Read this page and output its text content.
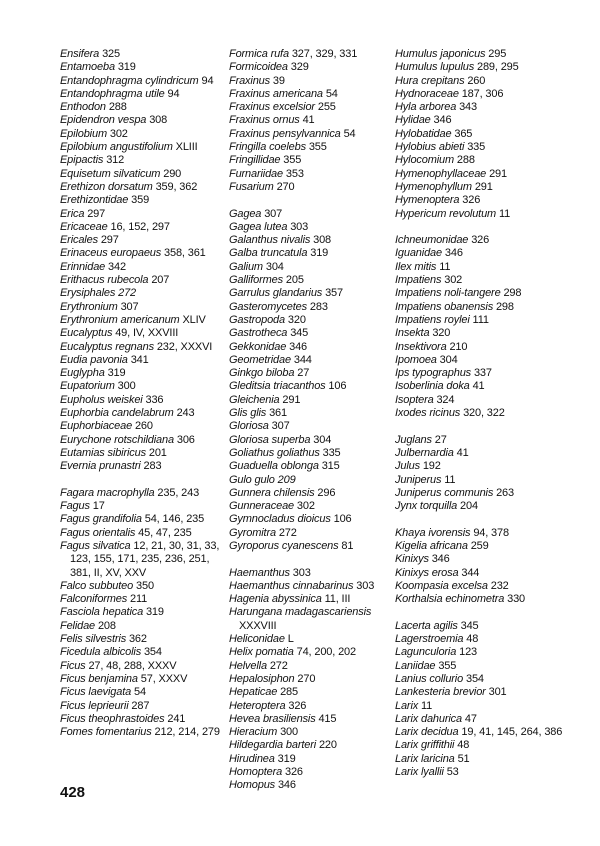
Ensifera 325
Entamoeba 319
Entandophragma cylindricum 94
Entandophragma utile 94
Enthodon 288
Epidendron vespa 308
Epilobium 302
Epilobium angustifolium XLIII
Epipactis 312
Equisetum silvaticum 290
Erethizon dorsatum 359, 362
Erethizontidae 359
Erica 297
Ericaceae 16, 152, 297
Ericales 297
Erinaceus europaeus 358, 361
Erinnidae 342
Erithacus rubecola 207
Erysiphales 272
Erythronium 307
Erythronium americanum XLIV
Eucalyptus 49, IV, XXVIII
Eucalyptus regnans 232, XXXVI
Eudia pavonia 341
Euglypha 319
Eupatorium 300
Eupholus weiskei 336
Euphorbia candelabrum 243
Euphorbiaceae 260
Eurychone rotschildiana 306
Eutamias sibiricus 201
Evernia prunastri 283
Fagara macrophylla 235, 243
Fagus 17
Fagus grandifolia 54, 146, 235
Fagus orientalis 45, 47, 235
Fagus silvatica 12, 21, 30, 31, 33, 123, 155, 171, 235, 236, 251, 381, II, XV, XXV
Falco subbuteo 350
Falconiformes 211
Fasciola hepatica 319
Felidae 208
Felis silvestris 362
Ficedula albicolis 354
Ficus 27, 48, 288, XXXV
Ficus benjamina 57, XXXV
Ficus laevigata 54
Ficus leprieurii 287
Ficus theophrastoides 241
Fomes fomentarius 212, 214, 279
Formica rufa 327, 329, 331
Formicoidea 329
Fraxinus 39
Fraxinus americana 54
Fraxinus excelsior 255
Fraxinus ornus 41
Fraxinus pensylvannica 54
Fringilla coelebs 355
Fringillidae 355
Furnariidae 353
Fusarium 270
Gagea 307
Gagea lutea 303
Galanthus nivalis 308
Galba truncatula 319
Galium 304
Galliformes 205
Garrulus glandarius 357
Gasteromycetes 283
Gastropoda 320
Gastrotheca 345
Gekkonidae 346
Geometridae 344
Ginkgo biloba 27
Gleditsia triacanthos 106
Gleichenia 291
Glis glis 361
Gloriosa 307
Gloriosa superba 304
Goliathus goliathus 335
Guaduella oblonga 315
Gulo gulo 209
Gunnera chilensis 296
Gunneraceae 302
Gymnocladus dioicus 106
Gyromitra 272
Gyroporus cyanescens 81
Haemanthus 303
Haemanthus cinnabarinus 303
Hagenia abyssinica 11, III
Harungana madagascariensis XXXVIII
Heliconidae L
Helix pomatia 74, 200, 202
Helvella 272
Hepalosiphon 270
Hepaticae 285
Heteroptera 326
Hevea brasiliensis 415
Hieracium 300
Hildegardia barteri 220
Hirudinea 319
Homoptera 326
Homopus 346
Humulus japonicus 295
Humulus lupulus 289, 295
Hura crepitans 260
Hydnoraceae 187, 306
Hyla arborea 343
Hylidae 346
Hylobatidae 365
Hylobius abieti 335
Hylocomium 288
Hymenophyllaceae 291
Hymenophyllum 291
Hymenoptera 326
Hypericum revolutum 11
Ichneumonidae 326
Iguanidae 346
Ilex mitis 11
Impatiens 302
Impatiens noli-tangere 298
Impatiens obanensis 298
Impatiens roylei 111
Insekta 320
Insektivora 210
Ipomoea 304
Ips typographus 337
Isoberlinia doka 41
Isoptera 324
Ixodes ricinus 320, 322
Juglans 27
Julbernardia 41
Julus 192
Juniperus 11
Juniperus communis 263
Jynx torquilla 204
Khaya ivorensis 94, 378
Kigelia africana 259
Kinixys 346
Kinixys erosa 344
Koompasia excelsa 232
Korthalsia echinometra 330
Lacerta agilis 345
Lagerstroemia 48
Lagunculoria 123
Laniidae 355
Lanius collurio 354
Lankesteria brevior 301
Larix 11
Larix dahurica 47
Larix decidua 19, 41, 145, 264, 386
Larix griffithii 48
Larix laricina 51
Larix lyallii 53
428
